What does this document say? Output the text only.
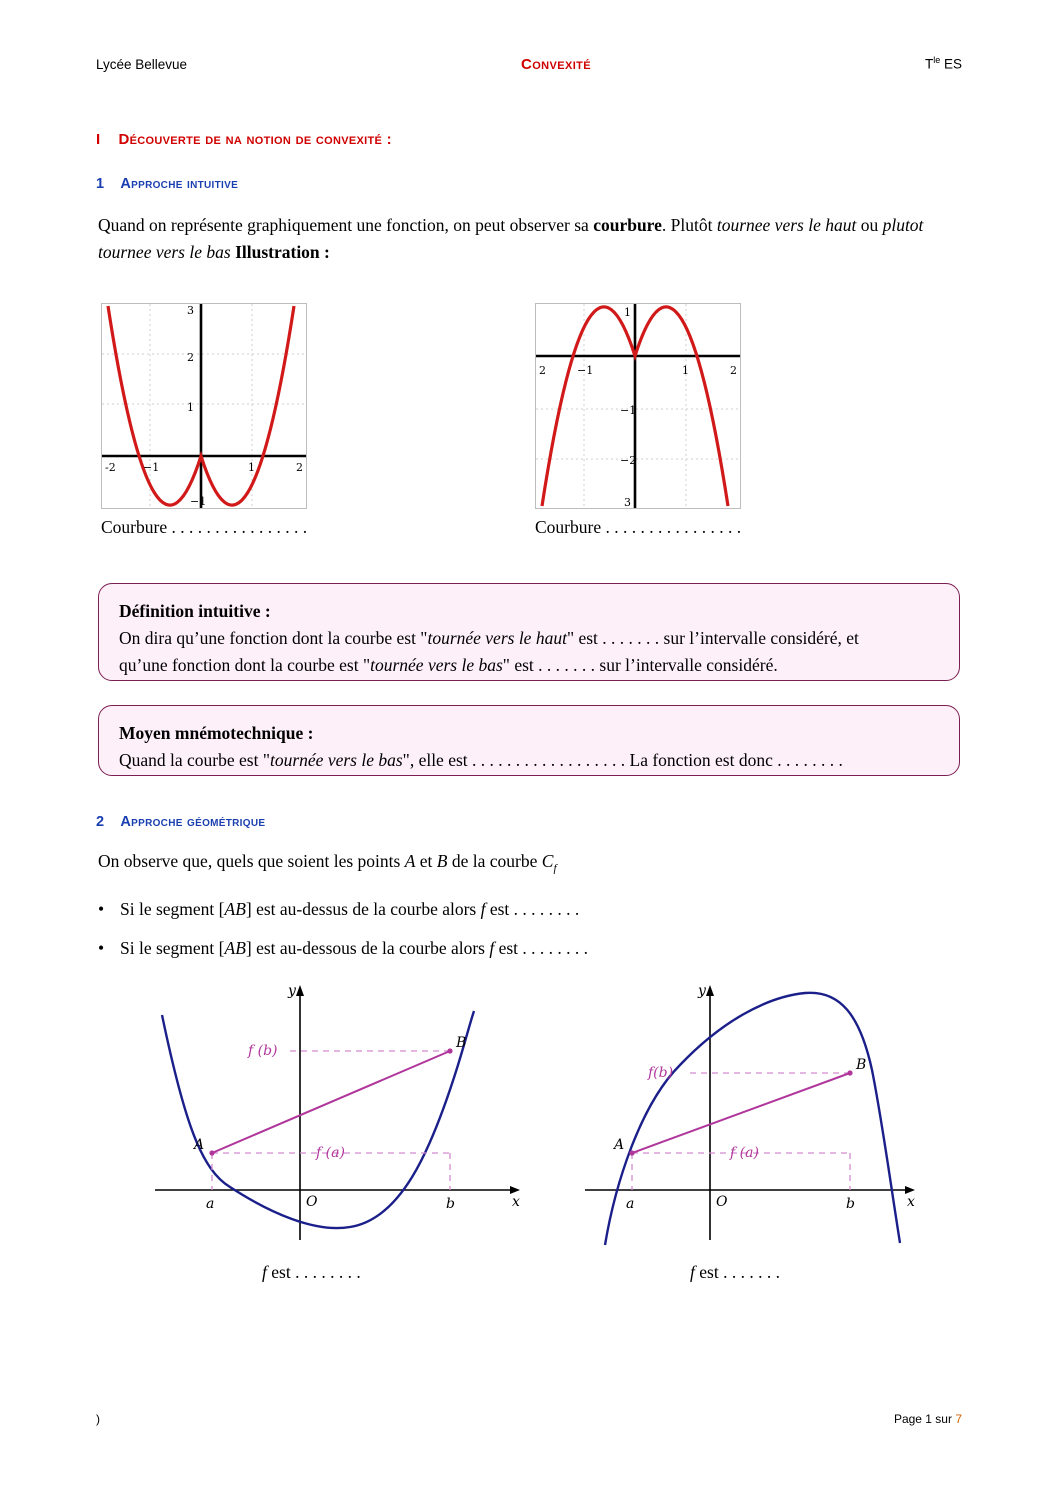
Lycée Bellevue	Convexité	$T^{le}$ ES
I Découverte de na notion de convexité :
1 Approche intuitive
Quand on représente graphiquement une fonction, on peut observer sa courbure. Plutôt tournee vers le haut ou plutot tournee vers le bas Illustration :
-2 −1	1	2
1
2
3
−1
Courbure . . . . . . . . . . . . . . . .
2	−1	1	2
1
−1
−2
3
Courbure . . . . . . . . . . . . . . . .
Définition intuitive :
On dira qu’une fonction dont la courbe est "tournée vers le haut" est . . . . . . . sur l’intervalle considéré, et
qu’une fonction dont la courbe est "tournée vers le bas" est . . . . . . . sur l’intervalle considéré.
Moyen mnémotechnique :
Quand la courbe est "tournée vers le bas", elle est . . . . . . . . . . . . . . . . . . La fonction est donc . . . . . . . .
2 Approche géométrique
On observe que, quels que soient les points A et B de la courbe $C_f$
• Si le segment [AB] est au-dessus de la courbe alors f est . . . . . . . .
• Si le segment [AB] est au-dessous de la courbe alors f est . . . . . . . .
x
y
O
A
B
a	b
f (a)
f (b)
f est . . . . . . . .
x
y
O
A
B
a	b
f (a)
f(b)
f est . . . . . . .
)	Page 1 sur 7
